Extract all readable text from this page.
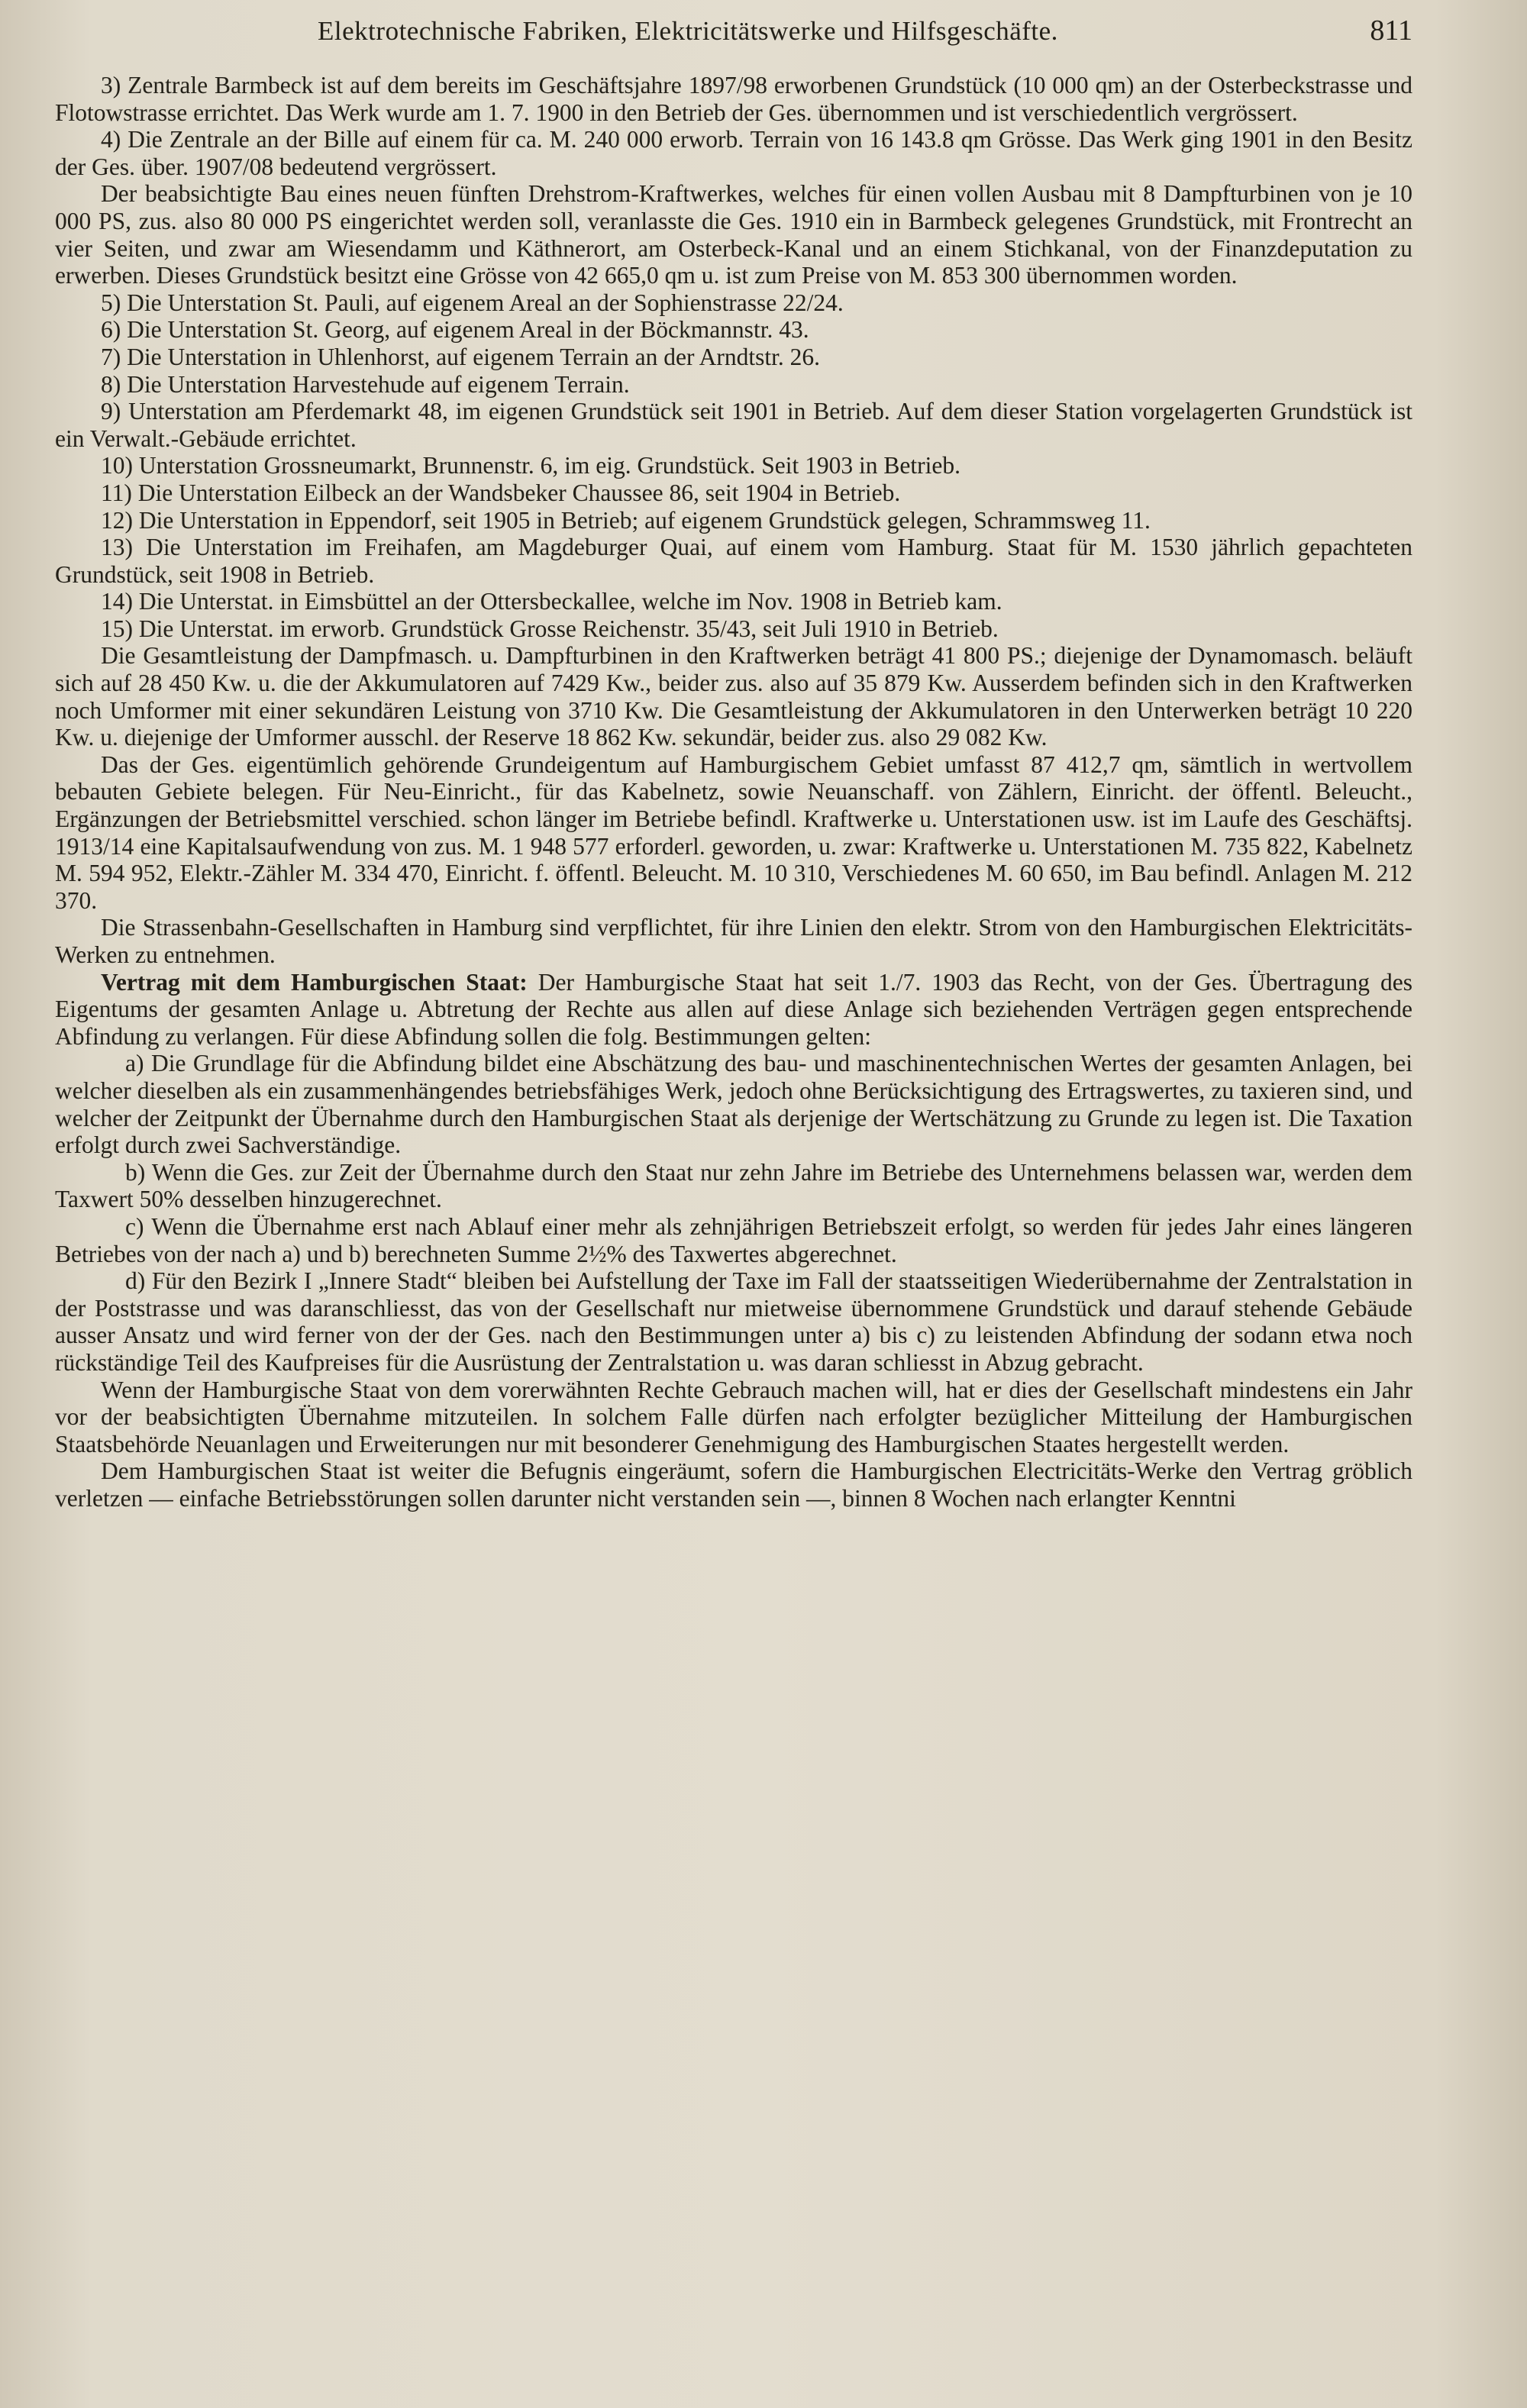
Elektrotechnische Fabriken, Elektricitätswerke und Hilfsgeschäfte.	811

3) Zentrale Barmbeck ist auf dem bereits im Geschäftsjahre 1897/98 erworbenen Grundstück (10 000 qm) an der Osterbeckstrasse und Flotowstrasse errichtet. Das Werk wurde am 1. 7. 1900 in den Betrieb der Ges. übernommen und ist verschiedentlich vergrössert.

4) Die Zentrale an der Bille auf einem für ca. M. 240 000 erworb. Terrain von 16 143.8 qm Grösse. Das Werk ging 1901 in den Besitz der Ges. über. 1907/08 bedeutend vergrössert.

Der beabsichtigte Bau eines neuen fünften Drehstrom-Kraftwerkes, welches für einen vollen Ausbau mit 8 Dampfturbinen von je 10 000 PS, zus. also 80 000 PS eingerichtet werden soll, veranlasste die Ges. 1910 ein in Barmbeck gelegenes Grundstück, mit Frontrecht an vier Seiten, und zwar am Wiesendamm und Käthnerort, am Osterbeck-Kanal und an einem Stichkanal, von der Finanzdeputation zu erwerben. Dieses Grundstück besitzt eine Grösse von 42 665,0 qm u. ist zum Preise von M. 853 300 übernommen worden.

5) Die Unterstation St. Pauli, auf eigenem Areal an der Sophienstrasse 22/24.

6) Die Unterstation St. Georg, auf eigenem Areal in der Böckmannstr. 43.

7) Die Unterstation in Uhlenhorst, auf eigenem Terrain an der Arndtstr. 26.

8) Die Unterstation Harvestehude auf eigenem Terrain.

9) Unterstation am Pferdemarkt 48, im eigenen Grundstück seit 1901 in Betrieb. Auf dem dieser Station vorgelagerten Grundstück ist ein Verwalt.-Gebäude errichtet.

10) Unterstation Grossneumarkt, Brunnenstr. 6, im eig. Grundstück. Seit 1903 in Betrieb.

11) Die Unterstation Eilbeck an der Wandsbeker Chaussee 86, seit 1904 in Betrieb.

12) Die Unterstation in Eppendorf, seit 1905 in Betrieb; auf eigenem Grundstück gelegen, Schrammsweg 11.

13) Die Unterstation im Freihafen, am Magdeburger Quai, auf einem vom Hamburg. Staat für M. 1530 jährlich gepachteten Grundstück, seit 1908 in Betrieb.

14) Die Unterstat. in Eimsbüttel an der Ottersbeckallee, welche im Nov. 1908 in Betrieb kam.

15) Die Unterstat. im erworb. Grundstück Grosse Reichenstr. 35/43, seit Juli 1910 in Betrieb.

Die Gesamtleistung der Dampfmasch. u. Dampfturbinen in den Kraftwerken beträgt 41 800 PS.; diejenige der Dynamomasch. beläuft sich auf 28 450 Kw. u. die der Akkumulatoren auf 7429 Kw., beider zus. also auf 35 879 Kw. Ausserdem befinden sich in den Kraftwerken noch Umformer mit einer sekundären Leistung von 3710 Kw. Die Gesamtleistung der Akkumulatoren in den Unterwerken beträgt 10 220 Kw. u. diejenige der Umformer ausschl. der Reserve 18 862 Kw. sekundär, beider zus. also 29 082 Kw.

Das der Ges. eigentümlich gehörende Grundeigentum auf Hamburgischem Gebiet umfasst 87 412,7 qm, sämtlich in wertvollem bebauten Gebiete belegen. Für Neu-Einricht., für das Kabelnetz, sowie Neuanschaff. von Zählern, Einricht. der öffentl. Beleucht., Ergänzungen der Betriebsmittel verschied. schon länger im Betriebe befindl. Kraftwerke u. Unterstationen usw. ist im Laufe des Geschäftsj. 1913/14 eine Kapitalsaufwendung von zus. M. 1 948 577 erforderl. geworden, u. zwar: Kraftwerke u. Unterstationen M. 735 822, Kabelnetz M. 594 952, Elektr.-Zähler M. 334 470, Einricht. f. öffentl. Beleucht. M. 10 310, Verschiedenes M. 60 650, im Bau befindl. Anlagen M. 212 370.

Die Strassenbahn-Gesellschaften in Hamburg sind verpflichtet, für ihre Linien den elektr. Strom von den Hamburgischen Elektricitäts-Werken zu entnehmen.

Vertrag mit dem Hamburgischen Staat: Der Hamburgische Staat hat seit 1./7. 1903 das Recht, von der Ges. Übertragung des Eigentums der gesamten Anlage u. Abtretung der Rechte aus allen auf diese Anlage sich beziehenden Verträgen gegen entsprechende Abfindung zu verlangen. Für diese Abfindung sollen die folg. Bestimmungen gelten:

a) Die Grundlage für die Abfindung bildet eine Abschätzung des bau- und maschinentechnischen Wertes der gesamten Anlagen, bei welcher dieselben als ein zusammenhängendes betriebsfähiges Werk, jedoch ohne Berücksichtigung des Ertragswertes, zu taxieren sind, und welcher der Zeitpunkt der Übernahme durch den Hamburgischen Staat als derjenige der Wertschätzung zu Grunde zu legen ist. Die Taxation erfolgt durch zwei Sachverständige.

b) Wenn die Ges. zur Zeit der Übernahme durch den Staat nur zehn Jahre im Betriebe des Unternehmens belassen war, werden dem Taxwert 50% desselben hinzugerechnet.

c) Wenn die Übernahme erst nach Ablauf einer mehr als zehnjährigen Betriebszeit erfolgt, so werden für jedes Jahr eines längeren Betriebes von der nach a) und b) berechneten Summe 2½% des Taxwertes abgerechnet.

d) Für den Bezirk I „Innere Stadt“ bleiben bei Aufstellung der Taxe im Fall der staatsseitigen Wiederübernahme der Zentralstation in der Poststrasse und was daranschliesst, das von der Gesellschaft nur mietweise übernommene Grundstück und darauf stehende Gebäude ausser Ansatz und wird ferner von der der Ges. nach den Bestimmungen unter a) bis c) zu leistenden Abfindung der sodann etwa noch rückständige Teil des Kaufpreises für die Ausrüstung der Zentralstation u. was daran schliesst in Abzug gebracht.

Wenn der Hamburgische Staat von dem vorerwähnten Rechte Gebrauch machen will, hat er dies der Gesellschaft mindestens ein Jahr vor der beabsichtigten Übernahme mitzuteilen. In solchem Falle dürfen nach erfolgter bezüglicher Mitteilung der Hamburgischen Staatsbehörde Neuanlagen und Erweiterungen nur mit besonderer Genehmigung des Hamburgischen Staates hergestellt werden.

Dem Hamburgischen Staat ist weiter die Befugnis eingeräumt, sofern die Hamburgischen Electricitäts-Werke den Vertrag gröblich verletzen — einfache Betriebsstörungen sollen darunter nicht verstanden sein —, binnen 8 Wochen nach erlangter Kenntni
